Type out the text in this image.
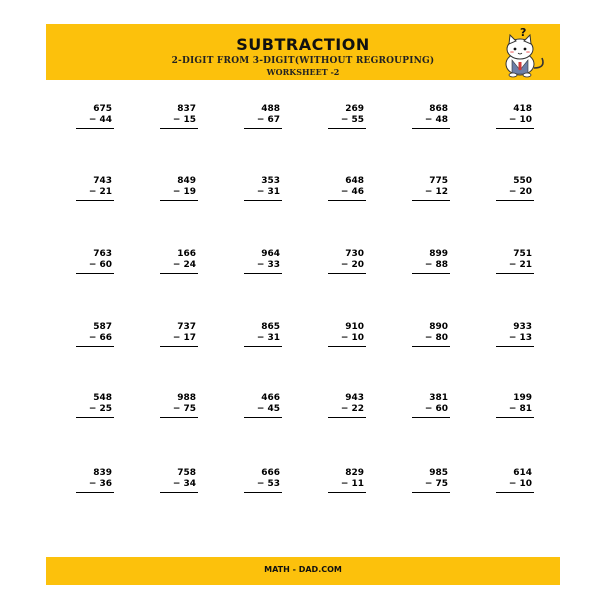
SUBTRACTION
2-DIGIT FROM 3-DIGIT(WITHOUT REGROUPING)
WORKSHEET -2
?
675
− 44
837
− 15
488
− 67
269
− 55
868
− 48
418
− 10
743
− 21
849
− 19
353
− 31
648
− 46
775
− 12
550
− 20
763
− 60
166
− 24
964
− 33
730
− 20
899
− 88
751
− 21
587
− 66
737
− 17
865
− 31
910
− 10
890
− 80
933
− 13
548
− 25
988
− 75
466
− 45
943
− 22
381
− 60
199
− 81
839
− 36
758
− 34
666
− 53
829
− 11
985
− 75
614
− 10
MATH - DAD.COM
